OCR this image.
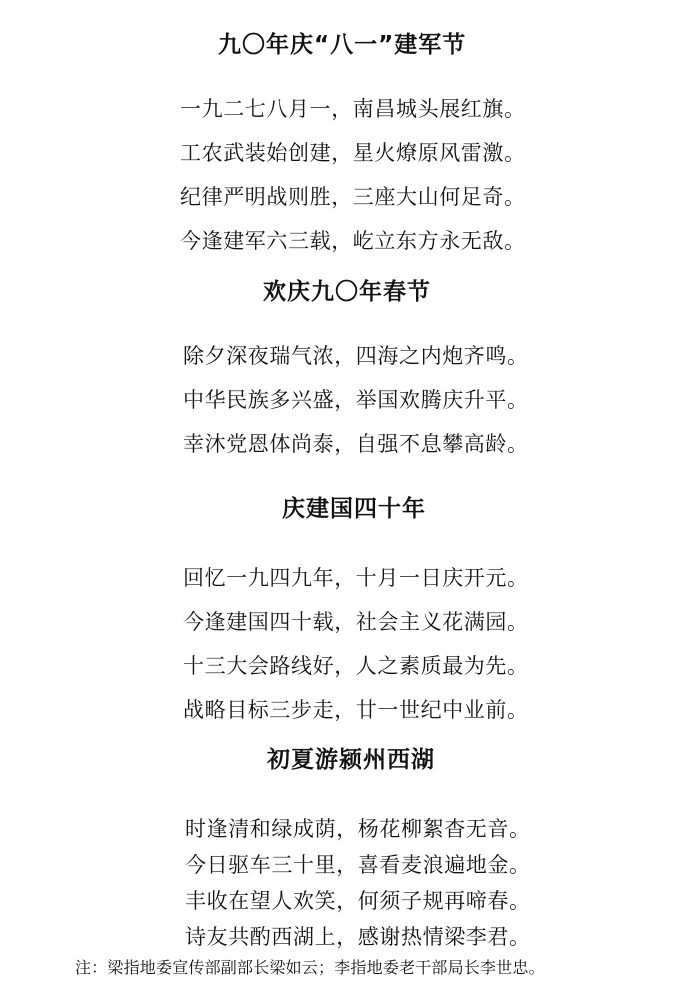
九〇年庆“八一”建军节
一九二七八月一，南昌城头展红旗。
工农武装始创建，星火燎原风雷激。
纪律严明战则胜，三座大山何足奇。
今逢建军六三载，屹立东方永无敌。
欢庆九〇年春节
除夕深夜瑞气浓，四海之内炮齐鸣。
中华民族多兴盛，举国欢腾庆升平。
幸沐党恩体尚泰，自强不息攀高龄。
庆建国四十年
回忆一九四九年，十月一日庆开元。
今逢建国四十载，社会主义花满园。
十三大会路线好，人之素质最为先。
战略目标三步走，廿一世纪中业前。
初夏游颍州西湖
时逢清和绿成荫，杨花柳絮杳无音。
今日驱车三十里，喜看麦浪遍地金。
丰收在望人欢笑，何须子规再啼春。
诗友共酌西湖上，感谢热情梁李君。
注：梁指地委宣传部副部长梁如云；李指地委老干部局长李世忠。
